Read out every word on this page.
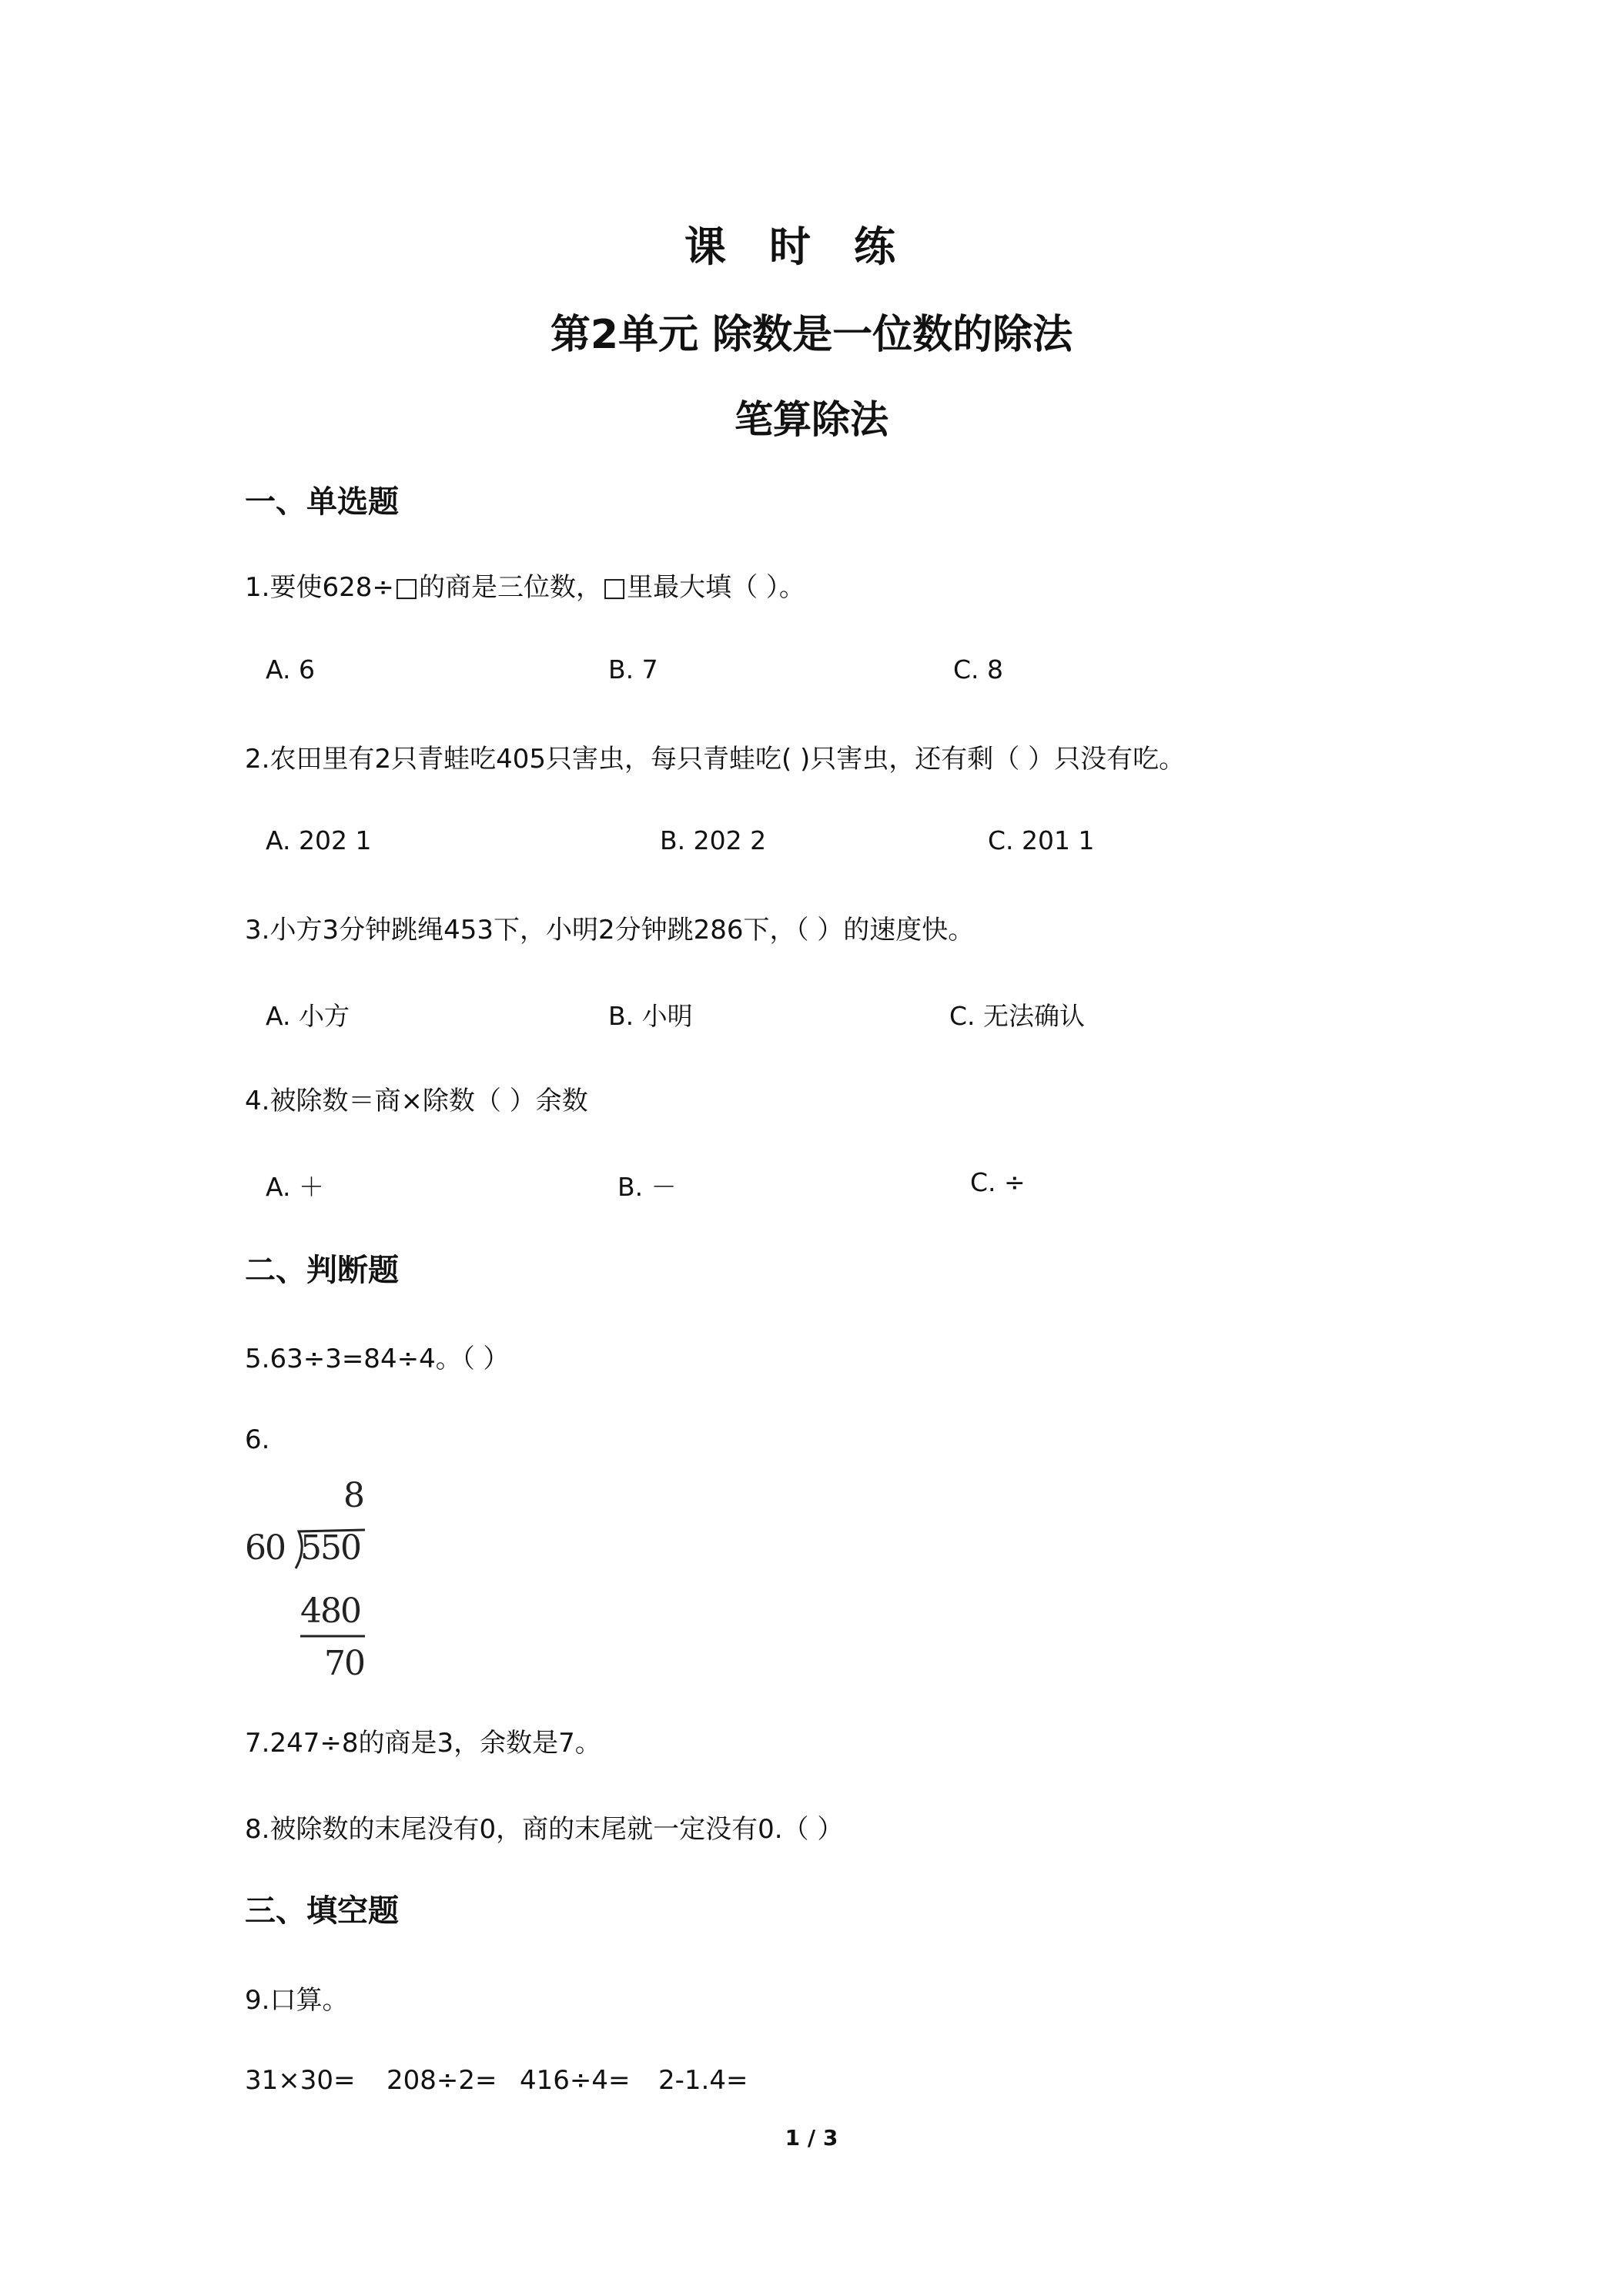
课时练
第2单元 除数是一位数的除法
笔算除法
一、单选题
1.要使628÷□的商是三位数，□里最大填（ ）。
A. 6	B. 7	C. 8
2.农田里有2只青蛙吃405只害虫，每只青蛙吃( )只害虫，还有剩（ ）只没有吃。
A. 202 1	B. 202 2	C. 201 1
3.小方3分钟跳绳453下，小明2分钟跳286下，（ ）的速度快。
A. 小方	B. 小明	C. 无法确认
4.被除数＝商×除数（ ）余数
A. ＋	B. －	C. ÷
二、判断题
5.63÷3=84÷4。（ ）
6.
8
60 550
480
70
7.247÷8的商是3，余数是7。
8.被除数的末尾没有0，商的末尾就一定没有0.（ ）
三、填空题
9.口算。
31×30= 208÷2= 416÷4= 2-1.4=
1 / 3
